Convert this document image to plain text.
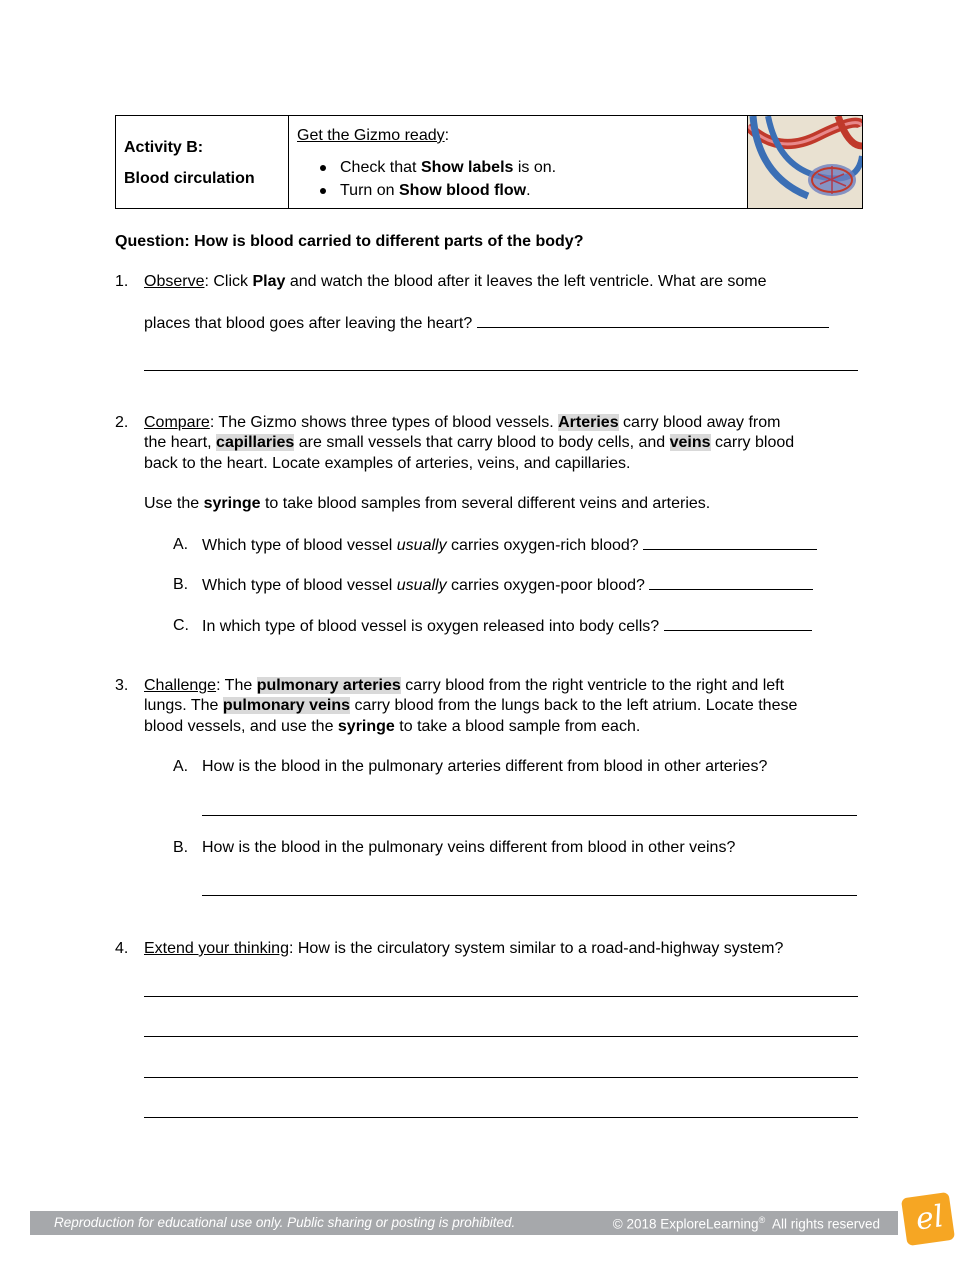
Activity B:
Blood circulation
Get the Gizmo ready:
Check that Show labels is on.
Turn on Show blood flow.
Question: How is blood carried to different parts of the body?
1. Observe: Click Play and watch the blood after it leaves the left ventricle. What are some
places that blood goes after leaving the heart?
2. Compare: The Gizmo shows three types of blood vessels. Arteries carry blood away from
the heart, capillaries are small vessels that carry blood to body cells, and veins carry blood
back to the heart. Locate examples of arteries, veins, and capillaries.
Use the syringe to take blood samples from several different veins and arteries.
A. Which type of blood vessel usually carries oxygen-rich blood?
B. Which type of blood vessel usually carries oxygen-poor blood?
C. In which type of blood vessel is oxygen released into body cells?
3. Challenge: The pulmonary arteries carry blood from the right ventricle to the right and left
lungs. The pulmonary veins carry blood from the lungs back to the left atrium. Locate these
blood vessels, and use the syringe to take a blood sample from each.
A. How is the blood in the pulmonary arteries different from blood in other arteries?
B. How is the blood in the pulmonary veins different from blood in other veins?
4. Extend your thinking: How is the circulatory system similar to a road-and-highway system?
Reproduction for educational use only. Public sharing or posting is prohibited.	© 2018 ExploreLearning®  All rights reserved el
